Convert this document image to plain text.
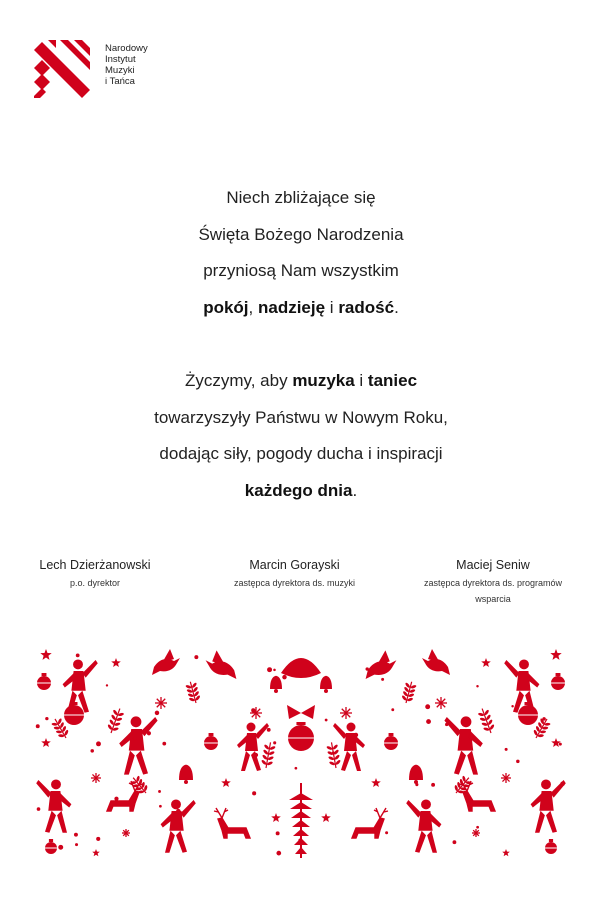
Narodowy
Instytut
Muzyki
i Tańca
Niech zbliżające się
Święta Bożego Narodzenia
przyniosą Nam wszystkim
pokój, nadzieję i radość.
Życzymy, aby muzyka i taniec
towarzyszyły Państwu w Nowym Roku,
dodając siły, pogody ducha i inspiracji
każdego dnia.
Lech Dzierżanowski
p.o. dyrektor
Marcin Gorayski
zastępca dyrektora ds. muzyki
Maciej Seniw
zastępca dyrektora ds. programów
wsparcia
